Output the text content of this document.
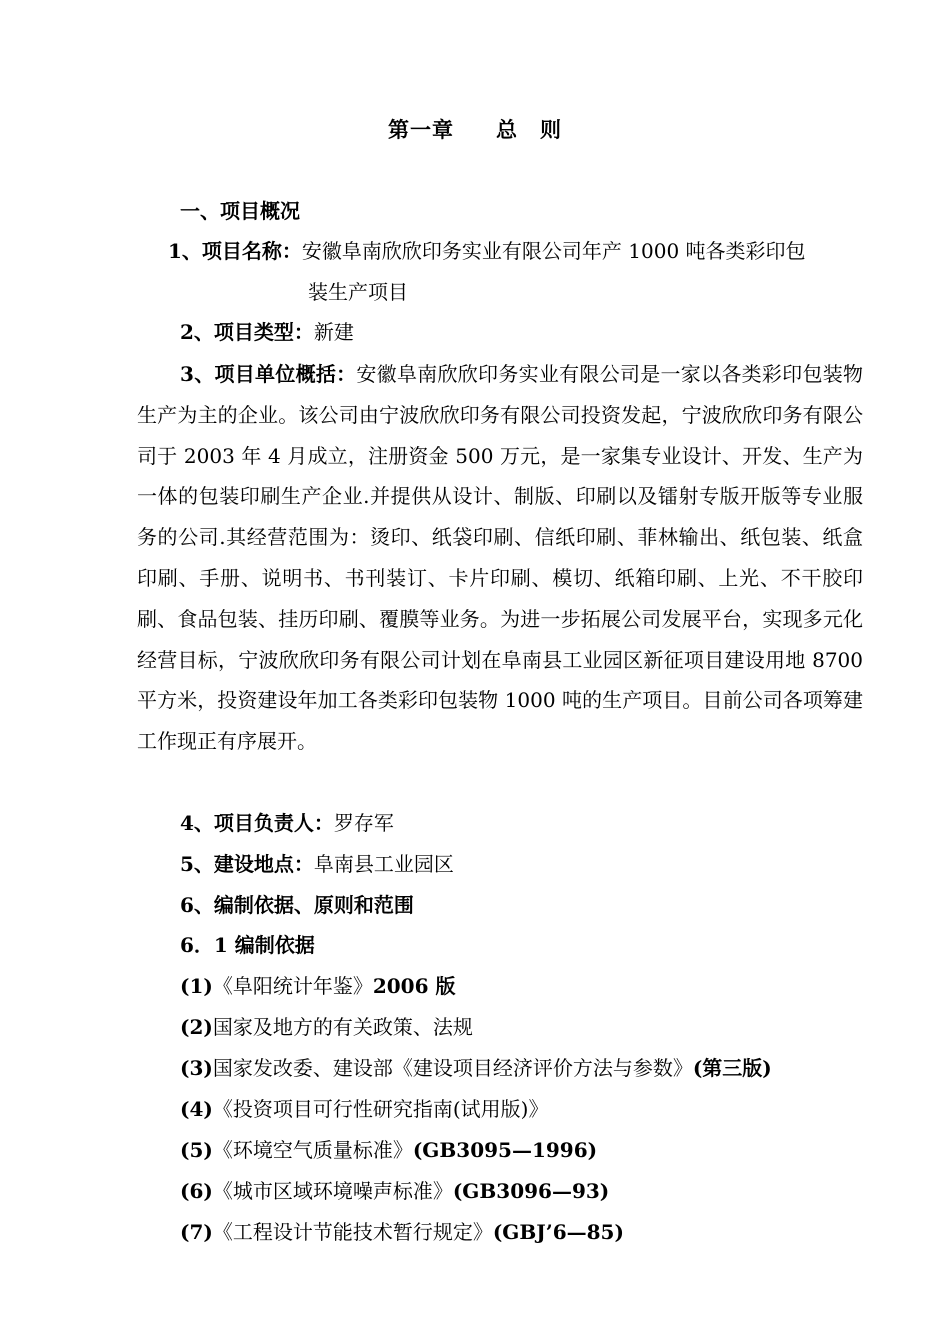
第一章 总　则
一、项目概况
1、项目名称：安徽阜南欣欣印务实业有限公司年产 1000 吨各类彩印包
装生产项目
2、项目类型：新建
3、项目单位概括：安徽阜南欣欣印务实业有限公司是一家以各类彩印包装物生产为主的企业。该公司由宁波欣欣印务有限公司投资发起，宁波欣欣印务有限公司于 2003 年 4 月成立，注册资金 500 万元，是一家集专业设计、开发、生产为一体的包装印刷生产企业.并提供从设计、制版、印刷以及镭射专版开版等专业服务的公司.其经营范围为：烫印、纸袋印刷、信纸印刷、菲林输出、纸包装、纸盒印刷、手册、说明书、书刊装订、卡片印刷、模切、纸箱印刷、上光、不干胶印刷、食品包装、挂历印刷、覆膜等业务。为进一步拓展公司发展平台，实现多元化经营目标，宁波欣欣印务有限公司计划在阜南县工业园区新征项目建设用地 8700 平方米，投资建设年加工各类彩印包装物 1000 吨的生产项目。目前公司各项筹建工作现正有序展开。
4、项目负责人：罗存军
5、建设地点：阜南县工业园区
6、编制依据、原则和范围
6．1 编制依据
(1)《阜阳统计年鉴》2006 版
(2)国家及地方的有关政策、法规
(3)国家发改委、建设部《建设项目经济评价方法与参数》(第三版)
(4)《投资项目可行性研究指南(试用版)》
(5)《环境空气质量标准》(GB3095—1996)
(6)《城市区域环境噪声标准》(GB3096—93)
(7)《工程设计节能技术暂行规定》(GBJ’6—85)
